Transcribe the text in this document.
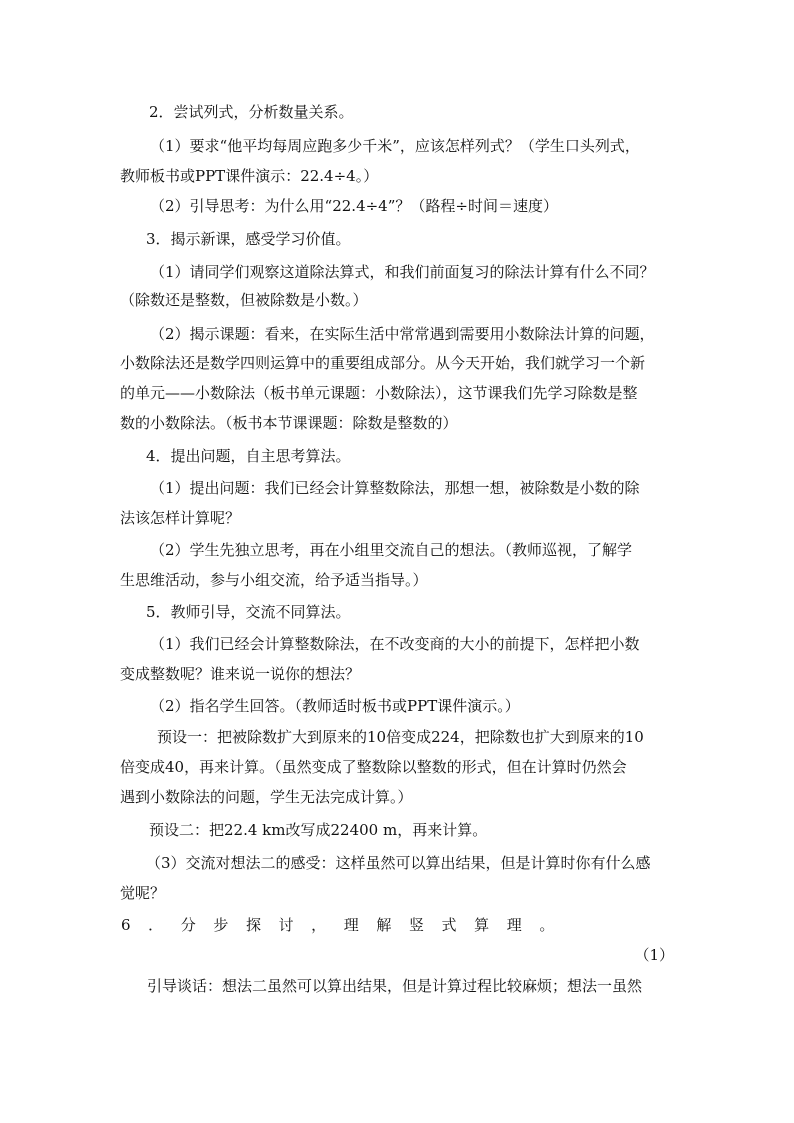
2．尝试列式，分析数量关系。
（1）要求“他平均每周应跑多少千米”，应该怎样列式？（学生口头列式，
教师板书或PPT课件演示：22.4÷4。）
（2）引导思考：为什么用“22.4÷4”？（路程÷时间＝速度）
3．揭示新课，感受学习价值。
（1）请同学们观察这道除法算式，和我们前面复习的除法计算有什么不同？
（除数还是整数，但被除数是小数。）
（2）揭示课题：看来，在实际生活中常常遇到需要用小数除法计算的问题，
小数除法还是数学四则运算中的重要组成部分。从今天开始，我们就学习一个新
的单元——小数除法（板书单元课题：小数除法），这节课我们先学习除数是整
数的小数除法。（板书本节课课题：除数是整数的）
4．提出问题，自主思考算法。
（1）提出问题：我们已经会计算整数除法，那想一想，被除数是小数的除
法该怎样计算呢？
（2）学生先独立思考，再在小组里交流自己的想法。（教师巡视，了解学
生思维活动，参与小组交流，给予适当指导。）
5．教师引导，交流不同算法。
（1）我们已经会计算整数除法，在不改变商的大小的前提下，怎样把小数
变成整数呢？谁来说一说你的想法？
（2）指名学生回答。（教师适时板书或PPT课件演示。）
预设一：把被除数扩大到原来的10倍变成224，把除数也扩大到原来的10
倍变成40，再来计算。（虽然变成了整数除以整数的形式，但在计算时仍然会
遇到小数除法的问题，学生无法完成计算。）
预设二：把22.4 km改写成22400 m，再来计算。
（3）交流对想法二的感受：这样虽然可以算出结果，但是计算时你有什么感
觉呢？
6．分步探讨，理解竖式算理。
（1）
引导谈话：想法二虽然可以算出结果，但是计算过程比较麻烦；想法一虽然
